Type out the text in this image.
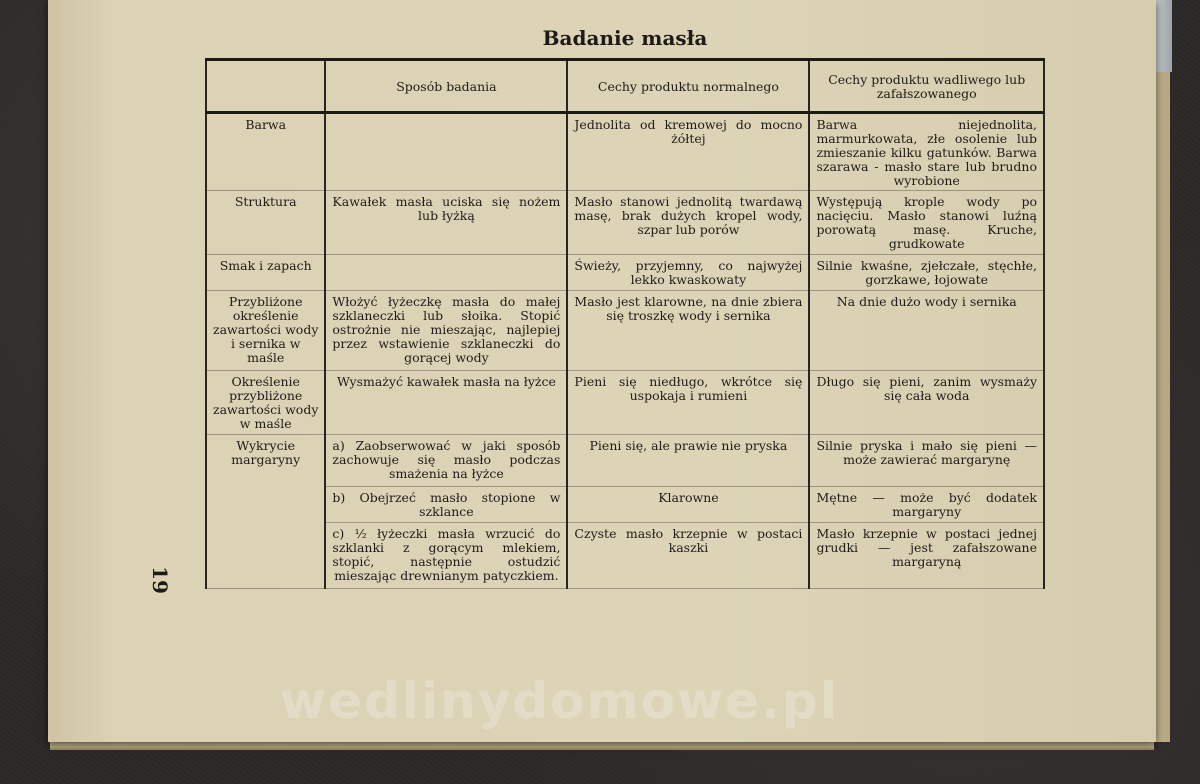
Badanie masła
	Sposób badania	Cechy produktu normalnego	Cechy produktu wadliwego lub zafałszowanego
Barwa		Jednolita od kremowej do mocno żółtej	Barwa niejednolita, marmurkowata, złe osolenie lub zmieszanie kilku gatunków. Barwa szarawa - masło stare lub brudno wyrobione
Struktura	Kawałek masła uciska się nożem lub łyżką	Masło stanowi jednolitą twardawą masę, brak dużych kropel wody, szpar lub porów	Występują krople wody po nacięciu. Masło stanowi luźną porowatą masę. Kruche, grudkowate
Smak i zapach		Świeży, przyjemny, co najwyżej lekko kwaskowaty	Silnie kwaśne, zjełczałe, stęchłe, gorzkawe, łojowate
Przybliżone określenie zawartości wody i sernika w maśle	Włożyć łyżeczkę masła do małej szklaneczki lub słoika. Stopić ostrożnie nie mieszając, najlepiej przez wstawienie szklaneczki do gorącej wody	Masło jest klarowne, na dnie zbiera się troszkę wody i sernika	Na dnie dużo wody i sernika
Określenie przybliżone zawartości wody w maśle	Wysmażyć kawałek masła na łyżce	Pieni się niedługo, wkrótce się uspokaja i rumieni	Długo się pieni, zanim wysmaży się cała woda
Wykrycie margaryny	a) Zaobserwować w jaki sposób zachowuje się masło podczas smażenia na łyżce	Pieni się, ale prawie nie pryska	Silnie pryska i mało się pieni — może zawierać margarynę
	b) Obejrzeć masło stopione w szklance	Klarowne	Mętne — może być dodatek margaryny
	c) ½ łyżeczki masła wrzucić do szklanki z gorącym mlekiem, stopić, następnie ostudzić mieszając drewnianym patyczkiem.	Czyste masło krzepnie w postaci kaszki	Masło krzepnie w postaci jednej grudki — jest zafałszowane margaryną
19
wedlinydomowe.pl
